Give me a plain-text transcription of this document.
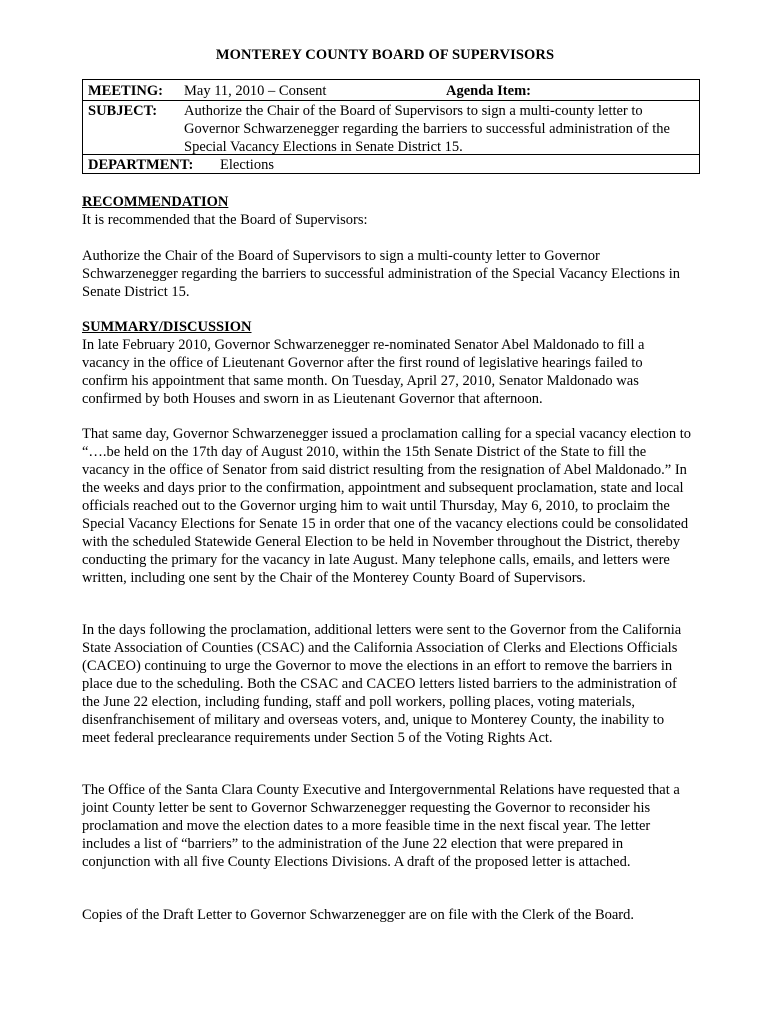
MONTEREY COUNTY BOARD OF SUPERVISORS
MEETING: May 11, 2010 – Consent	Agenda Item:
SUBJECT: Authorize the Chair of the Board of Supervisors to sign a multi-county letter to Governor Schwarzenegger regarding the barriers to successful administration of the Special Vacancy Elections in Senate District 15.
DEPARTMENT: Elections
RECOMMENDATION

It is recommended that the Board of Supervisors:

Authorize the Chair of the Board of Supervisors to sign a multi-county letter to Governor Schwarzenegger regarding the barriers to successful administration of the Special Vacancy Elections in Senate District 15.

SUMMARY/DISCUSSION

In late February 2010, Governor Schwarzenegger re-nominated Senator Abel Maldonado to fill a vacancy in the office of Lieutenant Governor after the first round of legislative hearings failed to confirm his appointment that same month. On Tuesday, April 27, 2010, Senator Maldonado was confirmed by both Houses and sworn in as Lieutenant Governor that afternoon.

That same day, Governor Schwarzenegger issued a proclamation calling for a special vacancy election to “….be held on the 17th day of August 2010, within the 15th Senate District of the State to fill the vacancy in the office of Senator from said district resulting from the resignation of Abel Maldonado.” In the weeks and days prior to the confirmation, appointment and subsequent proclamation, state and local officials reached out to the Governor urging him to wait until Thursday, May 6, 2010, to proclaim the Special Vacancy Elections for Senate 15 in order that one of the vacancy elections could be consolidated with the scheduled Statewide General Election to be held in November throughout the District, thereby conducting the primary for the vacancy in late August. Many telephone calls, emails, and letters were written, including one sent by the Chair of the Monterey County Board of Supervisors.

In the days following the proclamation, additional letters were sent to the Governor from the California State Association of Counties (CSAC) and the California Association of Clerks and Elections Officials (CACEO) continuing to urge the Governor to move the elections in an effort to remove the barriers in place due to the scheduling. Both the CSAC and CACEO letters listed barriers to the administration of the June 22 election, including funding, staff and poll workers, polling places, voting materials, disenfranchisement of military and overseas voters, and, unique to Monterey County, the inability to meet federal preclearance requirements under Section 5 of the Voting Rights Act.

The Office of the Santa Clara County Executive and Intergovernmental Relations have requested that a joint County letter be sent to Governor Schwarzenegger requesting the Governor to reconsider his proclamation and move the election dates to a more feasible time in the next fiscal year. The letter includes a list of “barriers” to the administration of the June 22 election that were prepared in conjunction with all five County Elections Divisions. A draft of the proposed letter is attached.

Copies of the Draft Letter to Governor Schwarzenegger are on file with the Clerk of the Board.
